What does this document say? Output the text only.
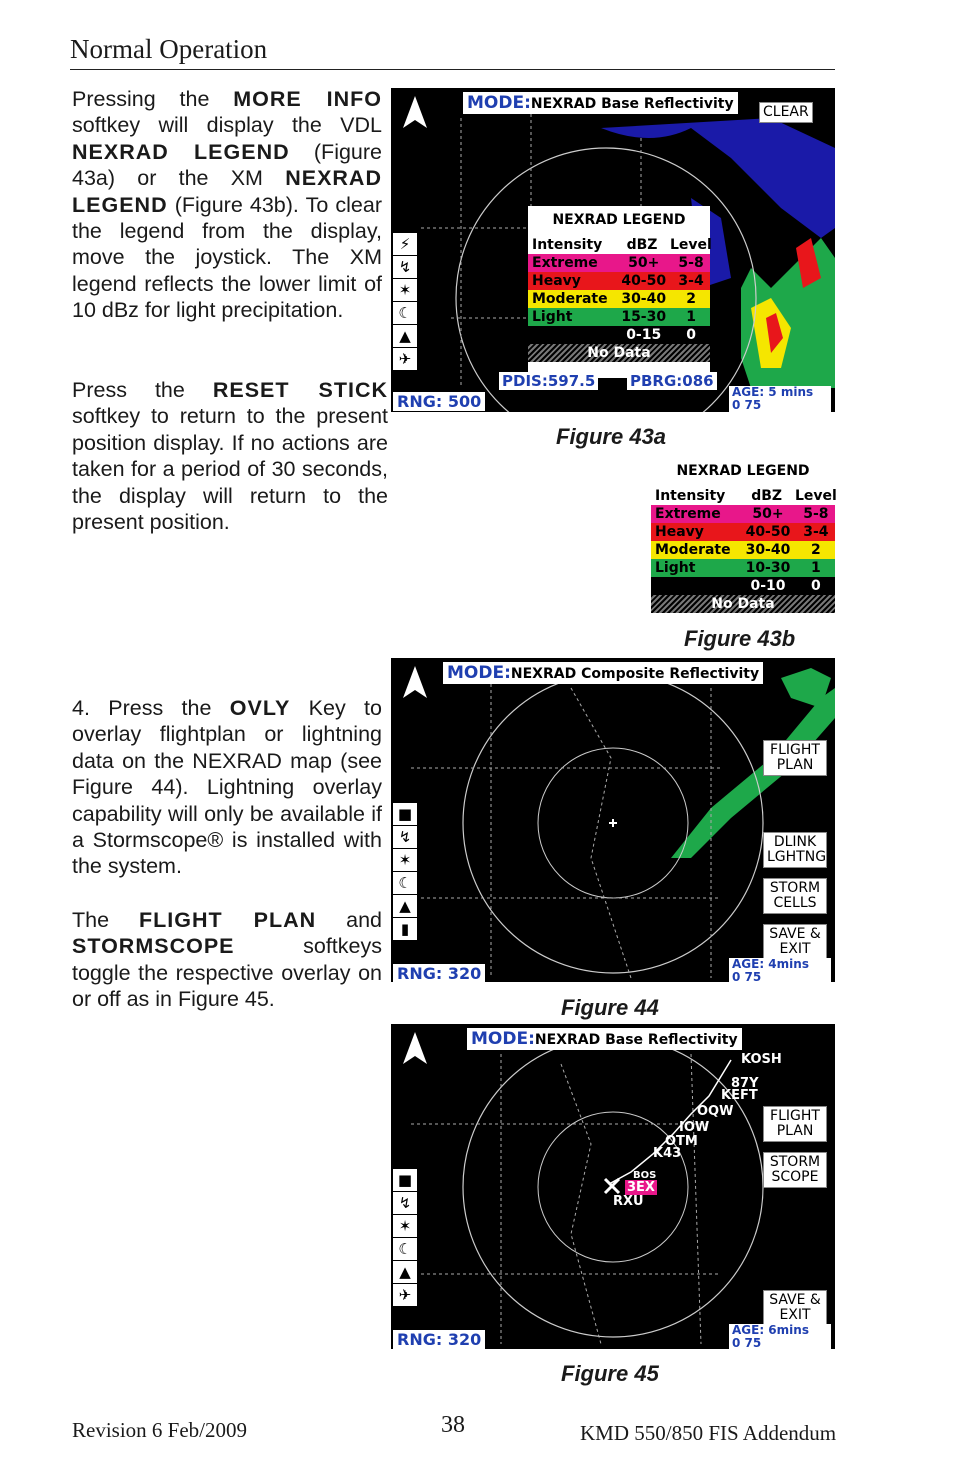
Normal Operation
Pressing the MORE INFO softkey will display the VDL NEXRAD LEGEND (Figure 43a) or the XM NEXRAD LEGEND (Figure 43b). To clear the legend from the display, move the joystick. The XM legend reflects the lower limit of 10 dBz for light precipitation.
Press the RESET STICK softkey to return to the present position display. If no actions are taken for a period of 30 seconds, the display will return to the present position.
4. Press the OVLY Key to overlay flightplan or lightning data on the NEXRAD map (see Figure 44). Lightning overlay capability will only be available if a Stormscope® is installed with the system.
The FLIGHT PLAN and STORMSCOPE softkeys toggle the respective overlay on or off as in Figure 45.
MODE:NEXRAD Base Reflectivity CLEAR
⚡
↯
✶
☾
▲
✈
NEXRAD LEGEND
Intensity	dBZ Level
Extreme	50+	5-8
Heavy	40-50 3-4
Moderate 30-40	2
Light	15-30	1
0-15	0
No Data
PDIS:597.5 PBRG:086
RNG: 500	AGE: 5 mins
0 75
Figure 43a
NEXRAD LEGEND
Intensity	dBZ Level
Extreme	50+	5-8
Heavy	40-50 3-4
Moderate	30-40	2
Light	10-30	1
0-10	0
No Data
Figure 43b
MODE:NEXRAD Composite Reflectivity
FLIGHT PLAN
DLINK LGHTNG
STORM CELLS
SAVE & EXIT
■
↯
✶
☾
▲
▮
RNG: 320	AGE: 4mins
0 75
Figure 44
MODE:NEXRAD Base Reflectivity
KOSH
87Y
KEFT
OQW
IOW
OTM
K43
3EX
RXU
BOS
FLIGHT PLAN
STORM SCOPE
SAVE & EXIT
■
↯
✶
☾
▲
✈
RNG: 320	AGE: 6mins
0 75
Figure 45
Revision 6 Feb/2009	38	KMD 550/850 FIS Addendum
